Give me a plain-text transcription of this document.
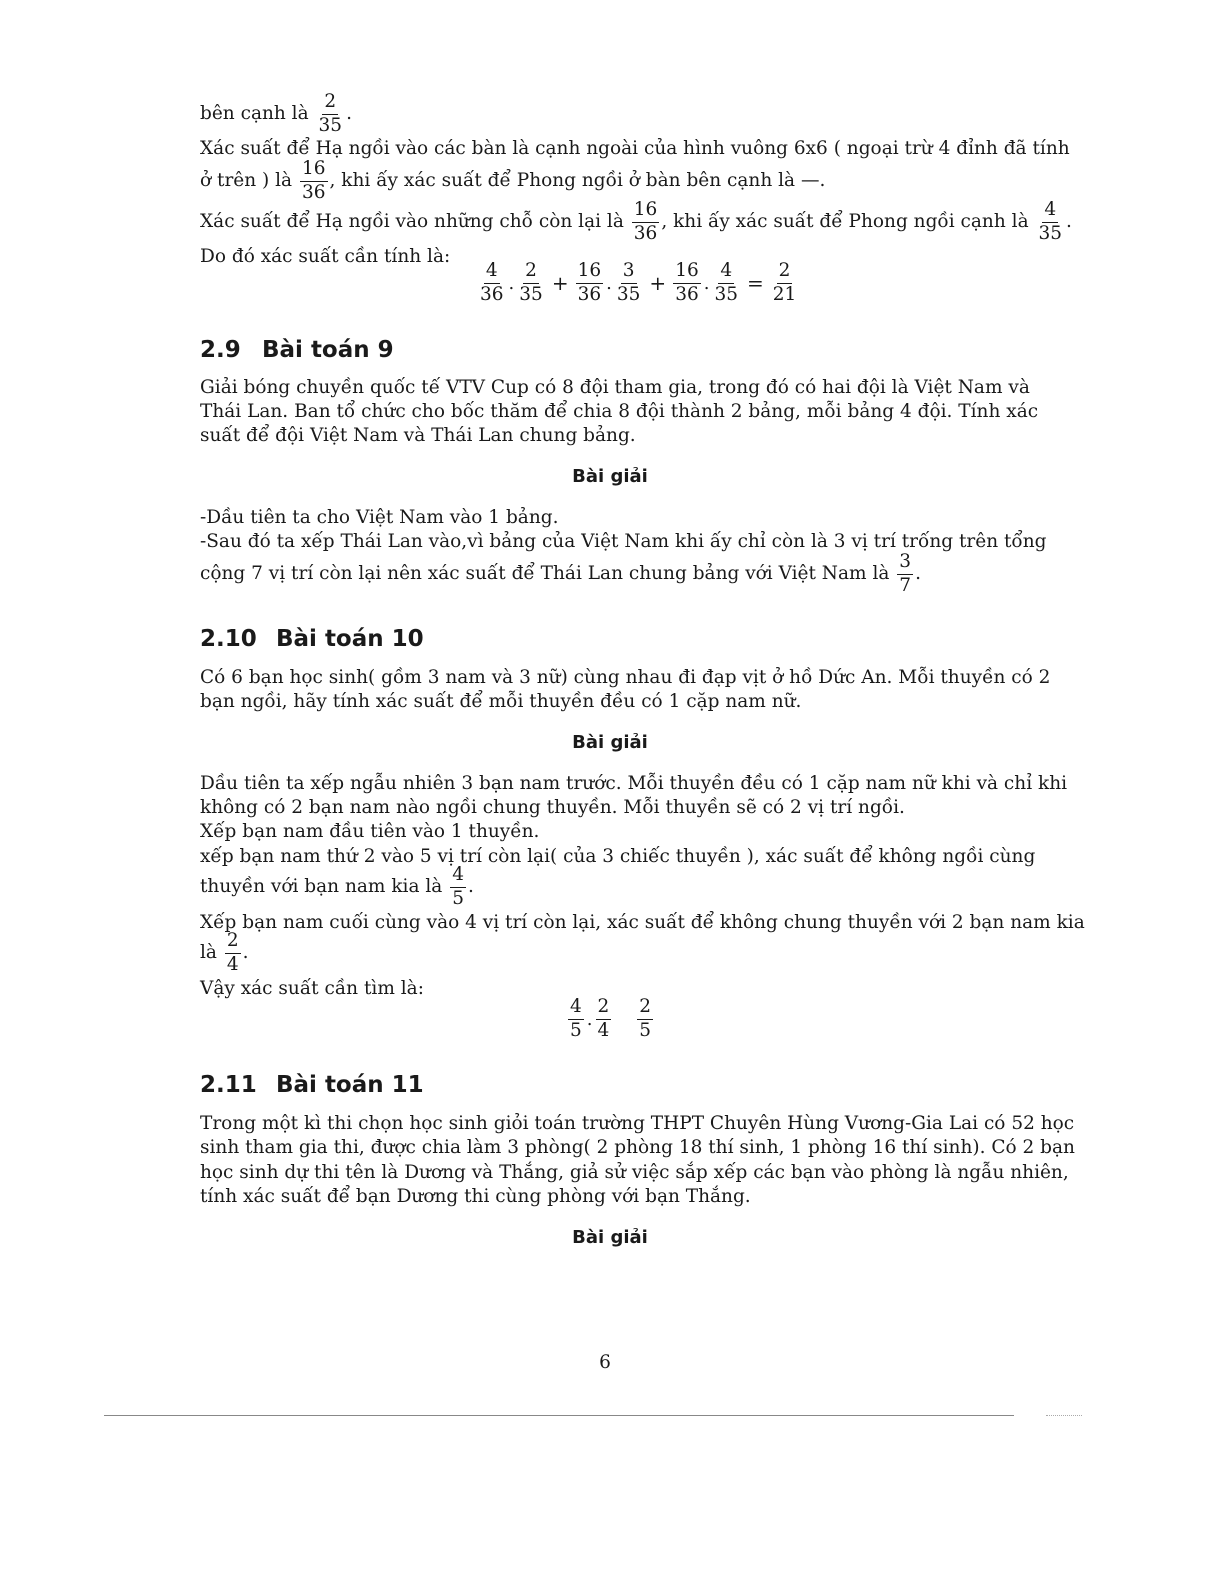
bên cạnh là $\frac{2}{35}$ .
Xác suất để Hạ ngồi vào các bàn là cạnh ngoài của hình vuông 6x6 ( ngoại trừ 4 đỉnh đã tính
ở trên ) là $\frac{16}{36}$ , khi ấy xác suất để Phong ngồi ở bàn bên cạnh là —.
Xác suất để Hạ ngồi vào những chỗ còn lại là $\frac{16}{36}$ , khi ấy xác suất để Phong ngồi cạnh là $\frac{4}{35}$ .
Do đó xác suất cần tính là:
$\frac{4}{36}$ . $\frac{2}{35} + \frac{16}{36}$ . $\frac{3}{35} + \frac{16}{36}$ . $\frac{4}{35} = \frac{2}{21}$
2.9 Bài toán 9
Giải bóng chuyền quốc tế VTV Cup có 8 đội tham gia, trong đó có hai đội là Việt Nam và
Thái Lan. Ban tổ chức cho bốc thăm để chia 8 đội thành 2 bảng, mỗi bảng 4 đội. Tính xác
suất để đội Việt Nam và Thái Lan chung bảng.
Bài giải
-Dầu tiên ta cho Việt Nam vào 1 bảng.
-Sau đó ta xếp Thái Lan vào,vì bảng của Việt Nam khi ấy chỉ còn là 3 vị trí trống trên tổng
cộng 7 vị trí còn lại nên xác suất để Thái Lan chung bảng với Việt Nam là $\frac{3}{7}$ .
2.10 Bài toán 10
Có 6 bạn học sinh( gồm 3 nam và 3 nữ) cùng nhau đi đạp vịt ở hồ Dức An. Mỗi thuyền có 2
bạn ngồi, hãy tính xác suất để mỗi thuyền đều có 1 cặp nam nữ.
Bài giải
Dầu tiên ta xếp ngẫu nhiên 3 bạn nam trước. Mỗi thuyền đều có 1 cặp nam nữ khi và chỉ khi
không có 2 bạn nam nào ngồi chung thuyền. Mỗi thuyền sẽ có 2 vị trí ngồi.
Xếp bạn nam đầu tiên vào 1 thuyền.
xếp bạn nam thứ 2 vào 5 vị trí còn lại( của 3 chiếc thuyền ), xác suất để không ngồi cùng
thuyền với bạn nam kia là $\frac{4}{5}$ .
Xếp bạn nam cuối cùng vào 4 vị trí còn lại, xác suất để không chung thuyền với 2 bạn nam kia
là $\frac{2}{4}$ .
Vậy xác suất cần tìm là:
$\frac{4}{5}$ . $\frac{2}{4} \frac{2}{5}$
2.11 Bài toán 11
Trong một kì thi chọn học sinh giỏi toán trường THPT Chuyên Hùng Vương-Gia Lai có 52 học
sinh tham gia thi, được chia làm 3 phòng( 2 phòng 18 thí sinh, 1 phòng 16 thí sinh). Có 2 bạn
học sinh dự thi tên là Dương và Thắng, giả sử việc sắp xếp các bạn vào phòng là ngẫu nhiên,
tính xác suất để bạn Dương thi cùng phòng với bạn Thắng.
Bài giải
6
